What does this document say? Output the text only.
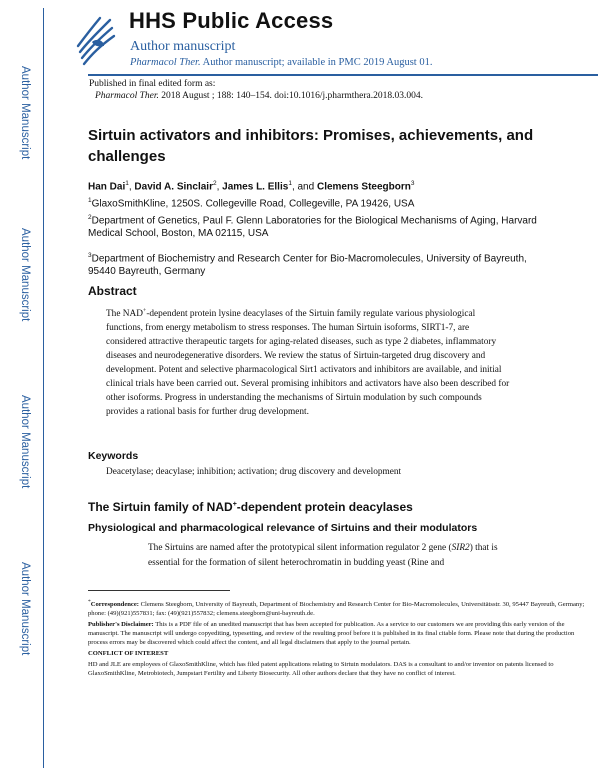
Author Manuscript
Author Manuscript
Author Manuscript
Author Manuscript
HHS Public Access
Author manuscript
Pharmacol Ther. Author manuscript; available in PMC 2019 August 01.
Published in final edited form as:
Pharmacol Ther. 2018 August ; 188: 140–154. doi:10.1016/j.pharmthera.2018.03.004.
Sirtuin activators and inhibitors: Promises, achievements, and challenges
Han Dai$^1$, David A. Sinclair$^2$, James L. Ellis$^1$, and Clemens Steegborn$^3$
$^1$GlaxoSmithKline, 1250S. Collegeville Road, Collegeville, PA 19426, USA
$^2$Department of Genetics, Paul F. Glenn Laboratories for the Biological Mechanisms of Aging, Harvard Medical School, Boston, MA 02115, USA
$^3$Department of Biochemistry and Research Center for Bio-Macromolecules, University of Bayreuth, 95440 Bayreuth, Germany
Abstract
The NAD+-dependent protein lysine deacylases of the Sirtuin family regulate various physiological functions, from energy metabolism to stress responses. The human Sirtuin isoforms, SIRT1-7, are considered attractive therapeutic targets for aging-related diseases, such as type 2 diabetes, inflammatory diseases and neurodegenerative disorders. We review the status of Sirtuin-targeted drug discovery and development. Potent and selective pharmacological Sirt1 activators and inhibitors are available, and initial clinical trials have been carried out. Several promising inhibitors and activators have also been described for other isoforms. Progress in understanding the mechanisms of Sirtuin modulation by such compounds provides a rational basis for further drug development.
Keywords
Deacetylase; deacylase; inhibition; activation; drug discovery and development
The Sirtuin family of NAD+-dependent protein deacylases
Physiological and pharmacological relevance of Sirtuins and their modulators
The Sirtuins are named after the prototypical silent information regulator 2 gene (SIR2) that is essential for the formation of silent heterochromatin in budding yeast (Rine and

*Correspondence: Clemens Steegborn, University of Bayreuth, Department of Biochemistry and Research Center for Bio-Macromolecules, Universitätsstr. 30, 95447 Bayreuth, Germany; phone: (49)(921)557831; fax: (49)(921)557832; clemens.steegborn@uni-bayreuth.de.

Publisher's Disclaimer: This is a PDF file of an unedited manuscript that has been accepted for publication. As a service to our customers we are providing this early version of the manuscript. The manuscript will undergo copyediting, typesetting, and review of the resulting proof before it is published in its final citable form. Please note that during the production process errors may be discovered which could affect the content, and all legal disclaimers that apply to the journal pertain.

CONFLICT OF INTEREST

HD and JLE are employees of GlaxoSmithKline, which has filed patent applications relating to Sirtuin modulators. DAS is a consultant to and/or inventor on patents licensed to GlaxoSmithKline, Metrobiotech, Jumpstart Fertility and Liberty Biosecurity. All other authors declare that they have no conflict of interest.
